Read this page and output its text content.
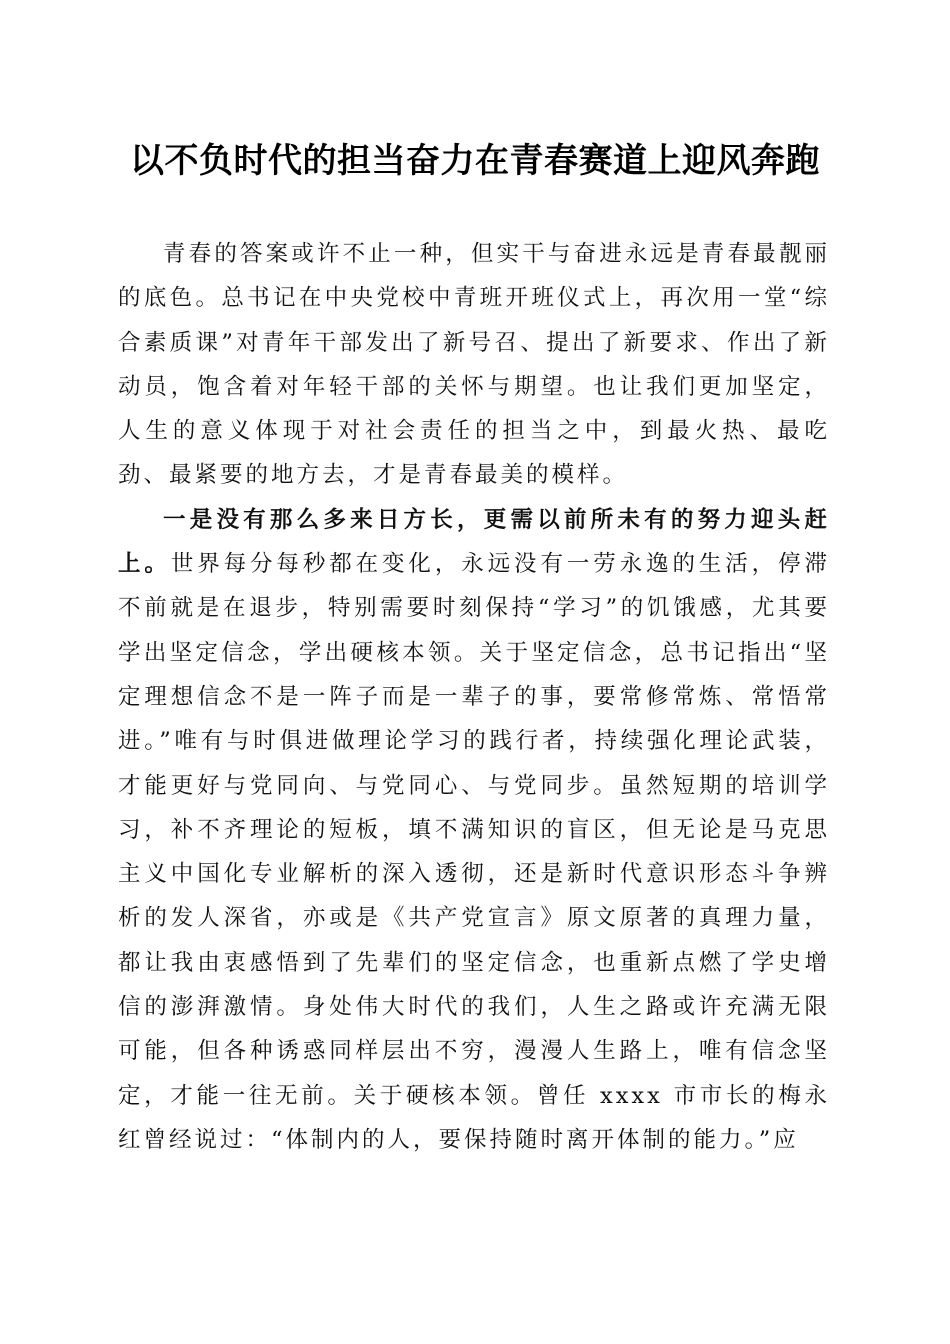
以不负时代的担当奋力在青春赛道上迎风奔跑

青春的答案或许不止一种，但实干与奋进永远是青春最靓丽的底色。总书记在中央党校中青班开班仪式上，再次用一堂“综合素质课”对青年干部发出了新号召、提出了新要求、作出了新动员，饱含着对年轻干部的关怀与期望。也让我们更加坚定，人生的意义体现于对社会责任的担当之中，到最火热、最吃劲、最紧要的地方去，才是青春最美的模样。

一是没有那么多来日方长，更需以前所未有的努力迎头赶上。世界每分每秒都在变化，永远没有一劳永逸的生活，停滞不前就是在退步，特别需要时刻保持“学习”的饥饿感，尤其要学出坚定信念，学出硬核本领。关于坚定信念，总书记指出“坚定理想信念不是一阵子而是一辈子的事，要常修常炼、常悟常进。”唯有与时俱进做理论学习的践行者，持续强化理论武装，才能更好与党同向、与党同心、与党同步。虽然短期的培训学习，补不齐理论的短板，填不满知识的盲区，但无论是马克思主义中国化专业解析的深入透彻，还是新时代意识形态斗争辨析的发人深省，亦或是《共产党宣言》原文原著的真理力量，都让我由衷感悟到了先辈们的坚定信念，也重新点燃了学史增信的澎湃激情。身处伟大时代的我们，人生之路或许充满无限可能，但各种诱惑同样层出不穷，漫漫人生路上，唯有信念坚定，才能一往无前。关于硬核本领。曾任 xxxx 市市长的梅永红曾经说过：“体制内的人，要保持随时离开体制的能力。”应
